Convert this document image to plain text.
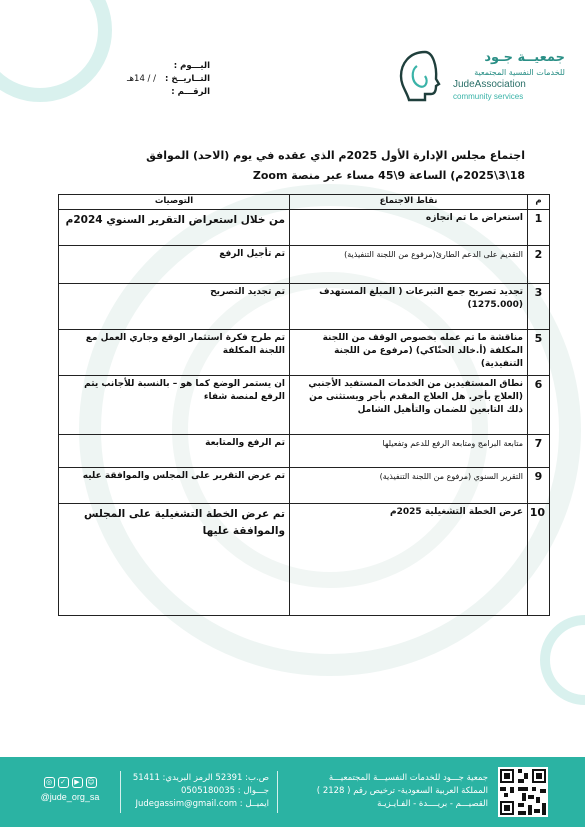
جمعيــة جـود
للخدمات النفسية المجتمعية
JudeAssociation
community services
اليـــوم :
التــاريــخ :
/ / 14هـ
الرقـــم :
اجتماع مجلس الإدارة الأول 2025م الذي عقده في يوم (الاحد) الموافق
18\3\2025م) الساعة 9\45 مساء عبر منصة Zoom
م	نقاط الاجتماع	التوصيات
1	استعراض ما تم انجازه	من خلال استعراض التقرير السنوي 2024م
2	التقديم على الدعم الطارئ(مرفوع من اللجنة التنفيذية)	تم تأجيل الرفع
3	تجديد تصريح جمع التبرعات ( المبلغ المستهدف (1275.000)	تم تجديد التصريح
5	مناقشة ما تم عمله بخصوص الوقف من اللجنة المكلفة (أ.خالد الحنّاكي) (مرفوع من اللجنة التنفيذية)	تم طرح فكرة استثمار الوقع وجاري العمل مع اللجنة المكلفة
6	نطاق المستفيدين من الخدمات المستفيد الأجنبي (العلاج بأجر. هل العلاج المقدم بأجر ويستثنى من ذلك التابعين للضمان والتأهيل الشامل	ان يستمر الوضع كما هو – بالنسبة للأجانب يتم الرفع لمنصة شفاء
7	متابعة البرامج ومتابعة الرفع للدعم وتفعيلها	تم الرفع والمتابعة
9	التقرير السنوي (مرفوع من اللجنة التنفيذية)	تم عرض التقرير على المجلس والموافقة عليه
10	عرض الخطة التشغيلية 2025م	تم عرض الخطة التشغيلية على المجلس والموافقة عليها
جمعية جـــود للخدمات النفسيـــة المجتمعيـــة
المملكة العربية السعودية- ترخيص رقم ( 2128 )
القصيـــم - بريــــدة - الفـايـزيـة
ص.ب: 52391 الرمز البريدي: 51411
جـــوال : 0505180035
ايميــل : Judegassim@gmail.com
◎	✓	▶	☺
@jude_org_sa
